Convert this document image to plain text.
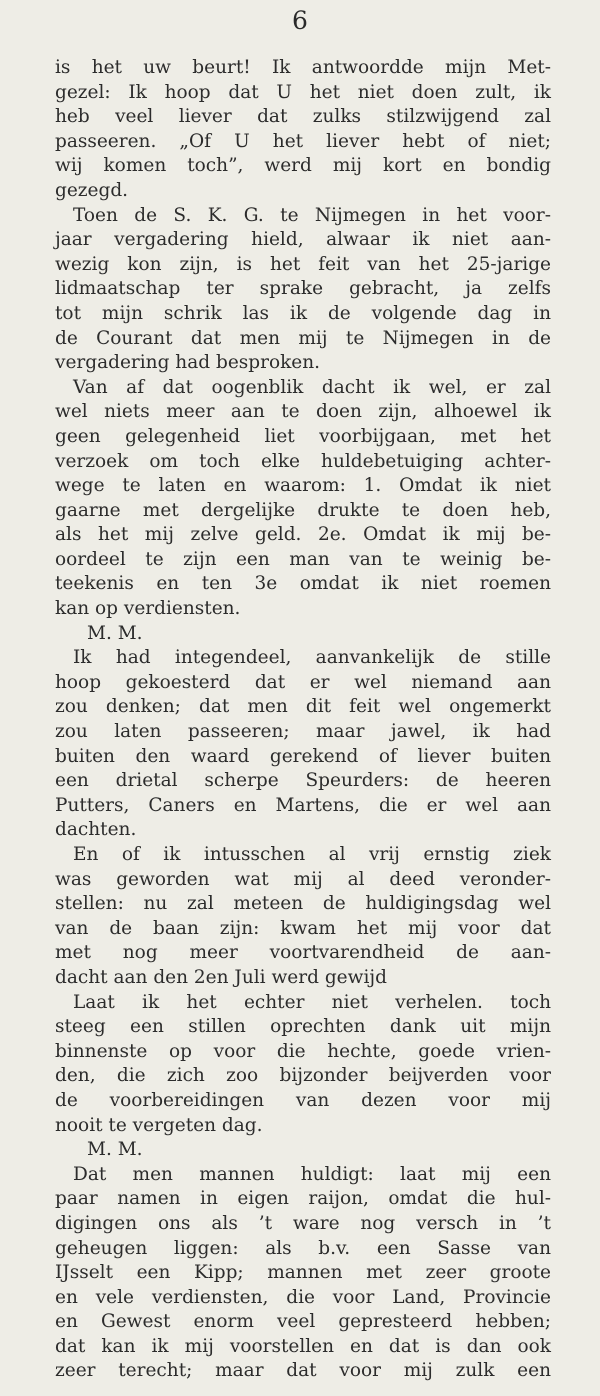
6
is het uw beurt! Ik antwoordde mijn Met-
gezel: Ik hoop dat U het niet doen zult, ik
heb veel liever dat zulks stilzwijgend zal
passeeren. „Of U het liever hebt of niet;
wij komen toch”, werd mij kort en bondig
gezegd.
Toen de S. K. G. te Nijmegen in het voor-
jaar vergadering hield, alwaar ik niet aan-
wezig kon zijn, is het feit van het 25-jarige
lidmaatschap ter sprake gebracht, ja zelfs
tot mijn schrik las ik de volgende dag in
de Courant dat men mij te Nijmegen in de
vergadering had besproken.
Van af dat oogenblik dacht ik wel, er zal
wel niets meer aan te doen zijn, alhoewel ik
geen gelegenheid liet voorbijgaan, met het
verzoek om toch elke huldebetuiging achter-
wege te laten en waarom: 1. Omdat ik niet
gaarne met dergelijke drukte te doen heb,
als het mij zelve geld. 2e. Omdat ik mij be-
oordeel te zijn een man van te weinig be-
teekenis en ten 3e omdat ik niet roemen
kan op verdiensten.
M. M.
Ik had integendeel, aanvankelijk de stille
hoop gekoesterd dat er wel niemand aan
zou denken; dat men dit feit wel ongemerkt
zou laten passeeren; maar jawel, ik had
buiten den waard gerekend of liever buiten
een drietal scherpe Speurders: de heeren
Putters, Caners en Martens, die er wel aan
dachten.
En of ik intusschen al vrij ernstig ziek
was geworden wat mij al deed veronder-
stellen: nu zal meteen de huldigingsdag wel
van de baan zijn: kwam het mij voor dat
met nog meer voortvarendheid de aan-
dacht aan den 2en Juli werd gewijd
Laat ik het echter niet verhelen. toch
steeg een stillen oprechten dank uit mijn
binnenste op voor die hechte, goede vrien-
den, die zich zoo bijzonder beijverden voor
de voorbereidingen van dezen voor mij
nooit te vergeten dag.
M. M.
Dat men mannen huldigt: laat mij een
paar namen in eigen raijon, omdat die hul-
digingen ons als ’t ware nog versch in ’t
geheugen liggen: als b.v. een Sasse van
IJsselt een Kipp; mannen met zeer groote
en vele verdiensten, die voor Land, Provincie
en Gewest enorm veel gepresteerd hebben;
dat kan ik mij voorstellen en dat is dan ook
zeer terecht; maar dat voor mij zulk een
